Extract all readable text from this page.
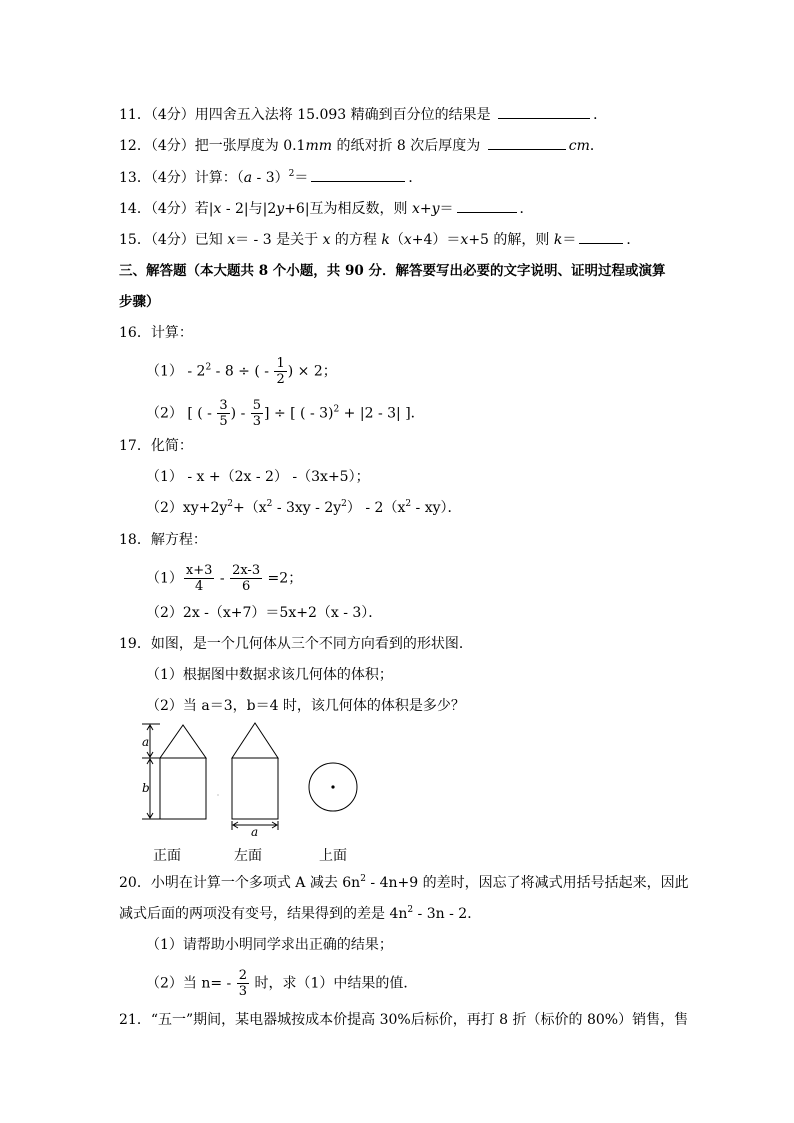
11．（4分）用四舍五入法将 15.093 精确到百分位的结果是	．
12．（4分）把一张厚度为 0.1mm 的纸对折 8 次后厚度为	cm．
13．（4分）计算：（a - 3）$^2$＝	．
14．（4分）若|x - 2|与|2y+6|互为相反数，则 x+y＝	．
15．（4分）已知 x＝ - 3 是关于 x 的方程 k（x+4）＝x+5 的解，则 k＝	．
三、解答题（本大题共 8 个小题，共 90 分．解答要写出必要的文字说明、证明过程或演算
步骤）
16．计算：
$(1) - 2^2 - 8$ ÷ ( - $\frac{1}{2}$ ) × 2；
（2） [ ( - $\frac{3}{5}$ ) - $\frac{5}{3}$ ] ÷ [ ( - 3)$^2$ + |2 - 3| ]．
17．化简：
（1） - x +（2x - 2） -（3x+5）；
$(2)xy+2y^2+(x^2 - 3xy - 2y^2) - 2(x^2 - xy)$．
18．解方程：
$(1) \frac{x+3}{4} - \frac{2x-3}{6} =2$；
（2）2x -（x+7）＝5x+2（x - 3）．
19．如图，是一个几何体从三个不同方向看到的形状图．
（1）根据图中数据求该几何体的体积；
（2）当 a＝3，b＝4 时，该几何体的体积是多少？
a
b
a
正面	左面	上面
20．小明在计算一个多项式 A 减去 $6n^2 - 4n+9$ 的差时，因忘了将减式用括号括起来，因此
减式后面的两项没有变号，结果得到的差是 $4n^2 - 3n - 2$．
（1）请帮助小明同学求出正确的结果；
（2）当 $n= - \frac{2}{3}$ 时，求（1）中结果的值．
21．“五一”期间，某电器城按成本价提高 30%后标价，再打 8 折（标价的 80%）销售，售
